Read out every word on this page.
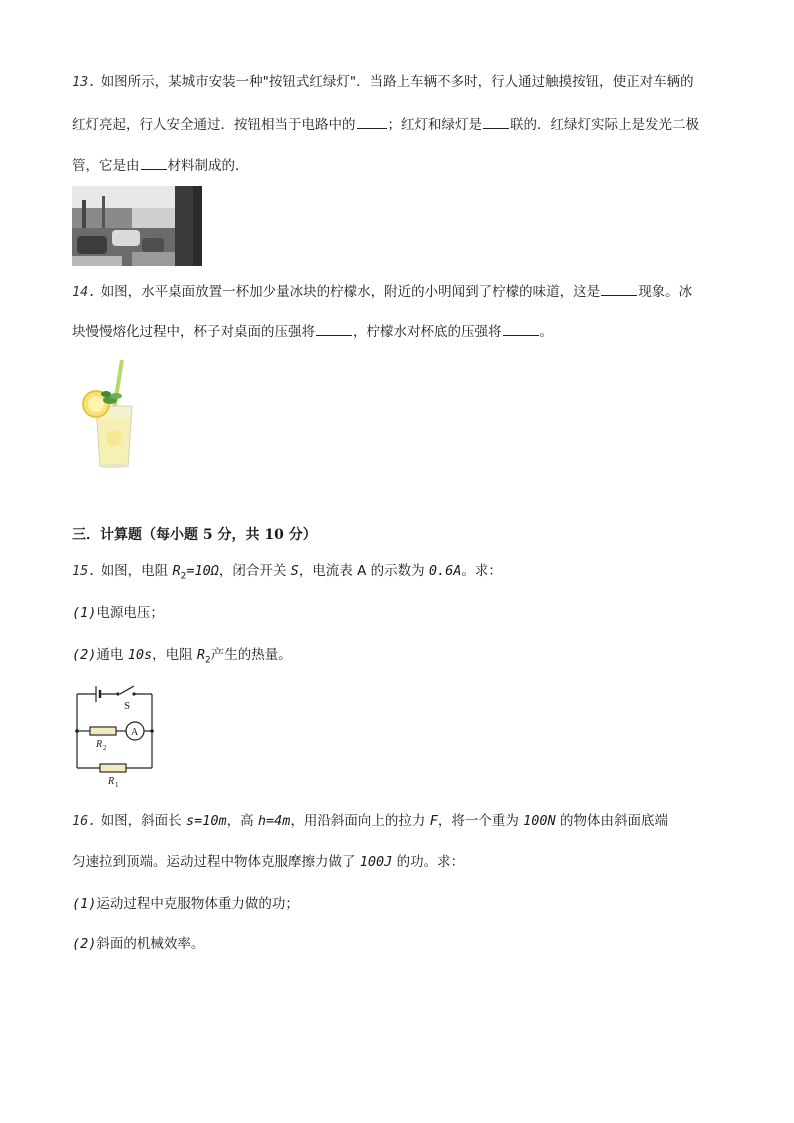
13. 如图所示，某城市安装一种"按钮式红绿灯"．当路上车辆不多时，行人通过触摸按钮，使正对车辆的
红灯亮起，行人安全通过．按钮相当于电路中的 ；红灯和绿灯是 联的．红绿灯实际上是发光二极
管，它是由 材料制成的．
14. 如图，水平桌面放置一杯加少量冰块的柠檬水，附近的小明闻到了柠檬的味道，这是	现象。冰
块慢慢熔化过程中，杯子对桌面的压强将	，柠檬水对杯底的压强将	。
三．计算题（每小题 5 分，共 10 分）
15. 如图，电阻 $R_2=10\Omega$，闭合开关 S，电流表 A 的示数为 0.6A。求：
(1)电源电压；
(2)通电 10s，电阻 $R_2$产生的热量。
S
A
R 2
R 1
16. 如图，斜面长 s=10m，高 h=4m，用沿斜面向上的拉力 F，将一个重为 100N 的物体由斜面底端
匀速拉到顶端。运动过程中物体克服摩擦力做了 100J 的功。求：
(1)运动过程中克服物体重力做的功；
(2)斜面的机械效率。
